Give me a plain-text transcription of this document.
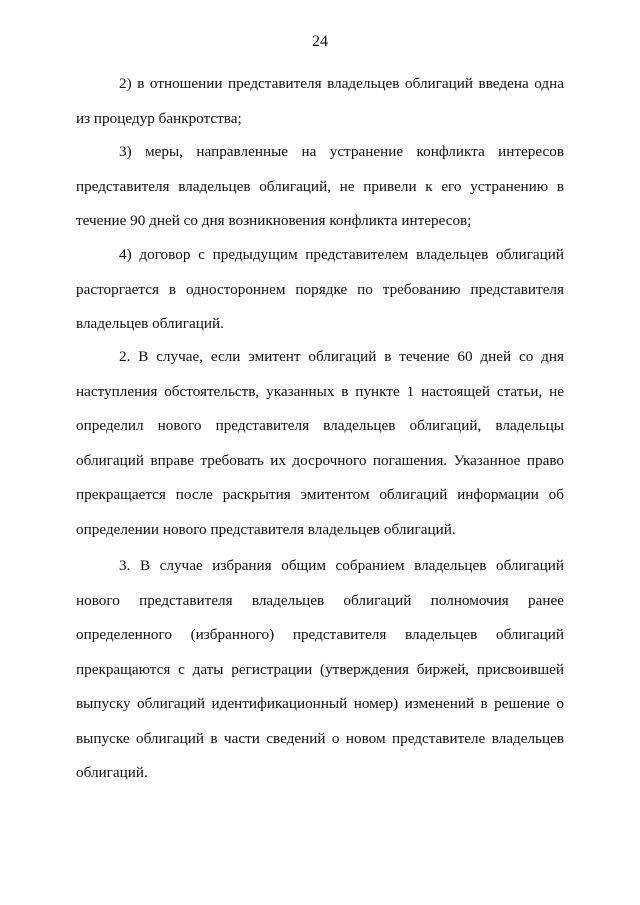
24

2) в отношении представителя владельцев облигаций введена одна из процедур банкротства;

3) меры, направленные на устранение конфликта интересов представителя владельцев облигаций, не привели к его устранению в течение 90 дней со дня возникновения конфликта интересов;

4) договор с предыдущим представителем владельцев облигаций расторгается в одностороннем порядке по требованию представителя владельцев облигаций.

2. В случае, если эмитент облигаций в течение 60 дней со дня наступления обстоятельств, указанных в пункте 1 настоящей статьи, не определил нового представителя владельцев облигаций, владельцы облигаций вправе требовать их досрочного погашения. Указанное право прекращается после раскрытия эмитентом облигаций информации об определении нового представителя владельцев облигаций.

3. В случае избрания общим собранием владельцев облигаций нового представителя владельцев облигаций полномочия ранее определенного (избранного) представителя владельцев облигаций прекращаются с даты регистрации (утверждения биржей, присвоившей выпуску облигаций идентификационный номер) изменений в решение о выпуске облигаций в части сведений о новом представителе владельцев облигаций.
